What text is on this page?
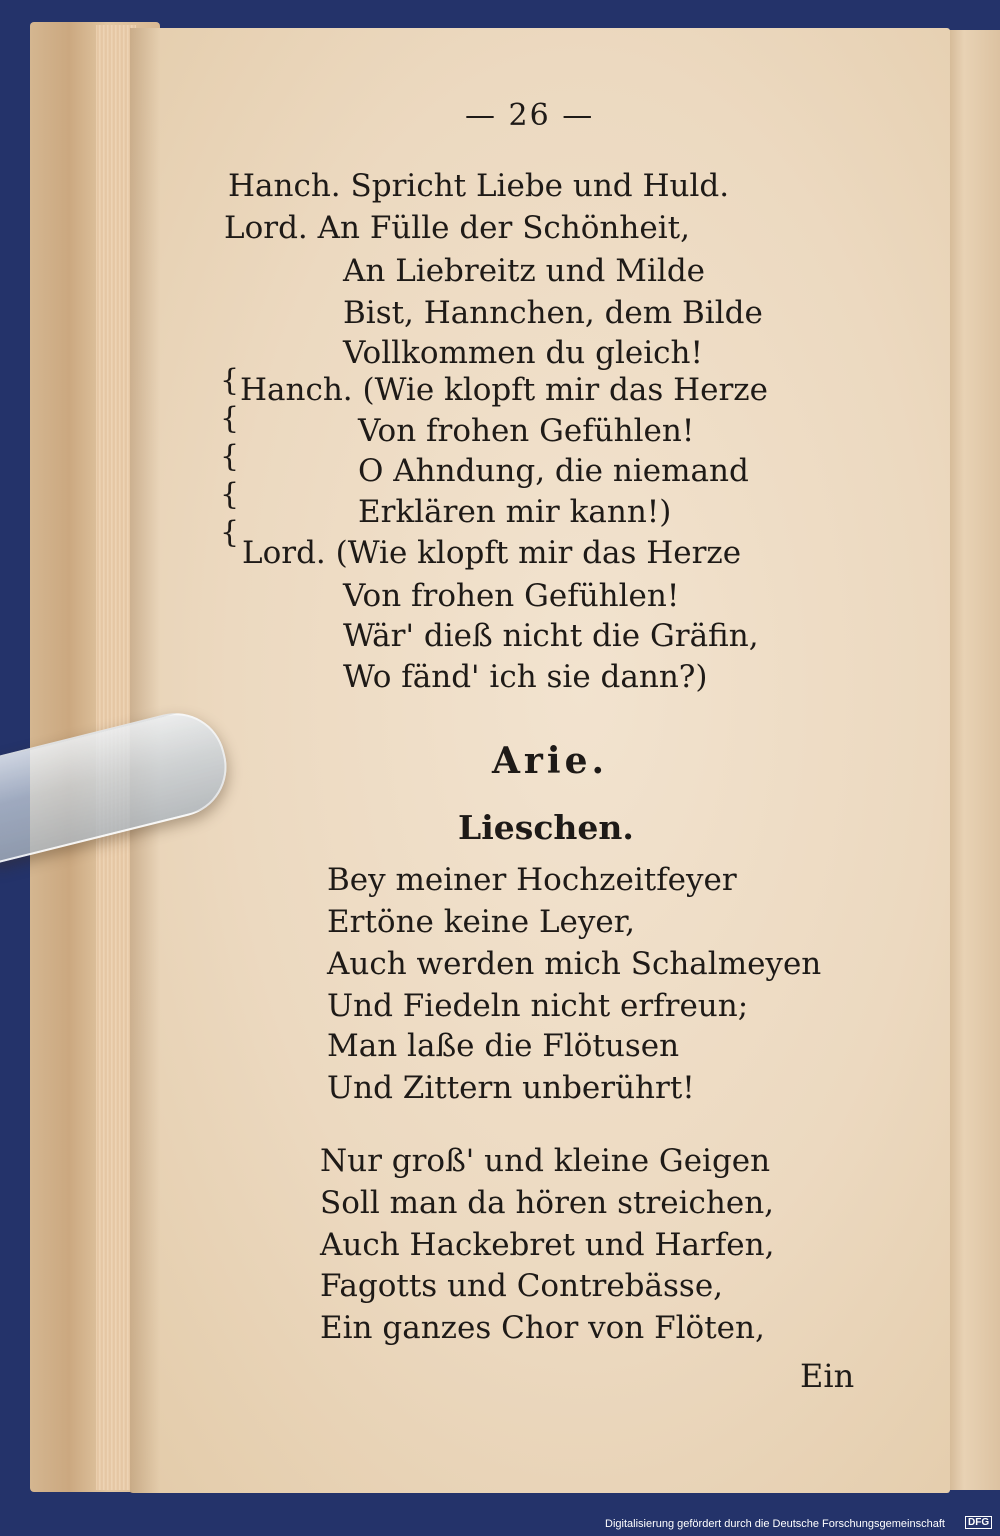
— 26 —
Hanch. Spricht Liebe und Huld.
Lord. An Fülle der Schönheit,
An Liebreitz und Milde
Bist, Hannchen, dem Bilde
Vollkommen du gleich!
{
{
{
{
{
Hanch. (Wie klopft mir das Herze
Von frohen Gefühlen!
O Ahndung, die niemand
Erklären mir kann!)
Lord. (Wie klopft mir das Herze
Von frohen Gefühlen!
Wär' dieß nicht die Gräfin,
Wo fänd' ich sie dann?)
Arie.
Lieschen.
Bey meiner Hochzeitfeyer
Ertöne keine Leyer,
Auch werden mich Schalmeyen
Und Fiedeln nicht erfreun;
Man laße die Flötusen
Und Zittern unberührt!
Nur groß' und kleine Geigen
Soll man da hören streichen,
Auch Hackebret und Harfen,
Fagotts und Contrebässe,
Ein ganzes Chor von Flöten,
Ein
Digitalisierung gefördert durch die Deutsche Forschungsgemeinschaft	DFG
